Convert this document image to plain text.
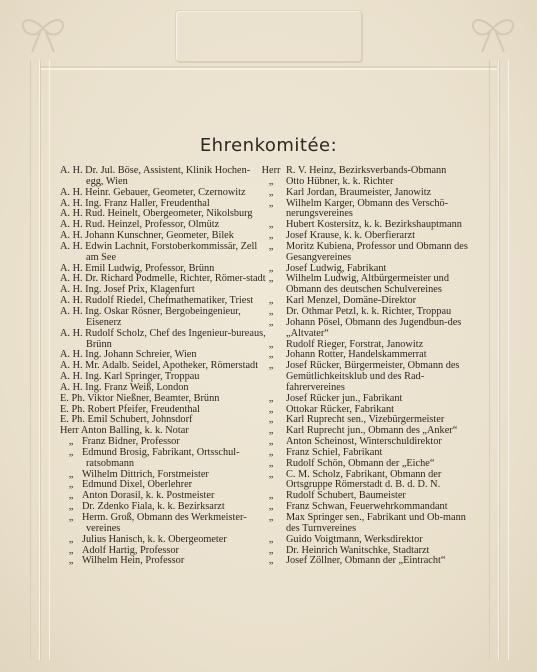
Ehrenkomitée:
A. H. Dr. Jul. Böse, Assistent, Klinik Hochen-egg, Wien
A. H. Heinr. Gebauer, Geometer, Czernowitz
A. H. Ing. Franz Haller, Freudenthal
A. H. Rud. Heinelt, Obergeometer, Nikolsburg
A. H. Rud. Heinzel, Professor, Olmütz
A. H. Johann Kunschner, Geometer, Bilek
A. H. Edwin Lachnit, Forstoberkommissär, Zell am See
A. H. Emil Ludwig, Professor, Brünn
A. H. Dr. Richard Podmelle, Richter, Römer-stadt
A. H. Ing. Josef Prix, Klagenfurt
A. H. Rudolf Riedel, Chefmathematiker, Triest
A. H. Ing. Oskar Rösner, Bergobeingenieur, Eisenerz
A. H. Rudolf Scholz, Chef des Ingenieur-bureaus, Brünn
A. H. Ing. Johann Schreier, Wien
A. H. Mr. Adalb. Seidel, Apotheker, Römerstadt
A. H. Ing. Karl Springer, Troppau
A. H. Ing. Franz Weiß, London
E. Ph. Viktor Nießner, Beamter, Brünn
E. Ph. Robert Pfeifer, Freudenthal
E. Ph. Emil Schubert, Johnsdorf
Herr Anton Balling, k. k. Notar
„ Franz Bidner, Professor
„ Edmund Brosig, Fabrikant, Ortsschul-ratsobmann
„ Wilhelm Dittrich, Forstmeister
„ Edmund Dixel, Oberlehrer
„ Anton Dorasil, k. k. Postmeister
„ Dr. Zdenko Fiala, k. k. Bezirksarzt
„ Herm. Groß, Obmann des Werkmeister-vereines
„ Julius Hanisch, k. k. Obergeometer
„ Adolf Hartig, Professor
„ Wilhelm Hein, Professor
Herr R. V. Heinz, Bezirksverbands-Obmann
„ Otto Hübner, k. k. Richter
„ Karl Jordan, Braumeister, Janowitz
„ Wilhelm Karger, Obmann des Verschö-nerungsvereines
„ Hubert Kostersitz, k. k. Bezirkshauptmann
„ Josef Krause, k. k. Oberfierarzt
„ Moritz Kubiena, Professor und Obmann des Gesangvereines
„ Josef Ludwig, Fabrikant
„ Wilhelm Ludwig, Altbürgermeister und Obmann des deutschen Schulvereines
„ Karl Menzel, Domäne-Direktor
„ Dr. Othmar Petzl, k. k. Richter, Troppau
„ Johann Pösel, Obmann des Jugendbun-des „Altvater“
„ Rudolf Rieger, Forstrat, Janowitz
„ Johann Rotter, Handelskammerrat
„ Josef Rücker, Bürgermeister, Obmann des Gemütlichkeitsklub und des Rad-fahrervereines
„ Josef Rücker jun., Fabrikant
„ Ottokar Rücker, Fabrikant
„ Karl Ruprecht sen., Vizebürgermeister
„ Karl Ruprecht jun., Obmann des „Anker“
„ Anton Scheinost, Winterschuldirektor
„ Franz Schiel, Fabrikant
„ Rudolf Schön, Obmann der „Eiche“
„ C. M. Scholz, Fabrikant, Obmann der Ortsgruppe Römerstadt d. B. d. D. N.
„ Rudolf Schubert, Baumeister
„ Franz Schwan, Feuerwehrkommandant
„ Max Springer sen., Fabrikant und Ob-mann des Turnvereines
„ Guido Voigtmann, Werksdirektor
„ Dr. Heinrich Wanitschke, Stadtarzt
„ Josef Zöllner, Obmann der „Eintracht“
